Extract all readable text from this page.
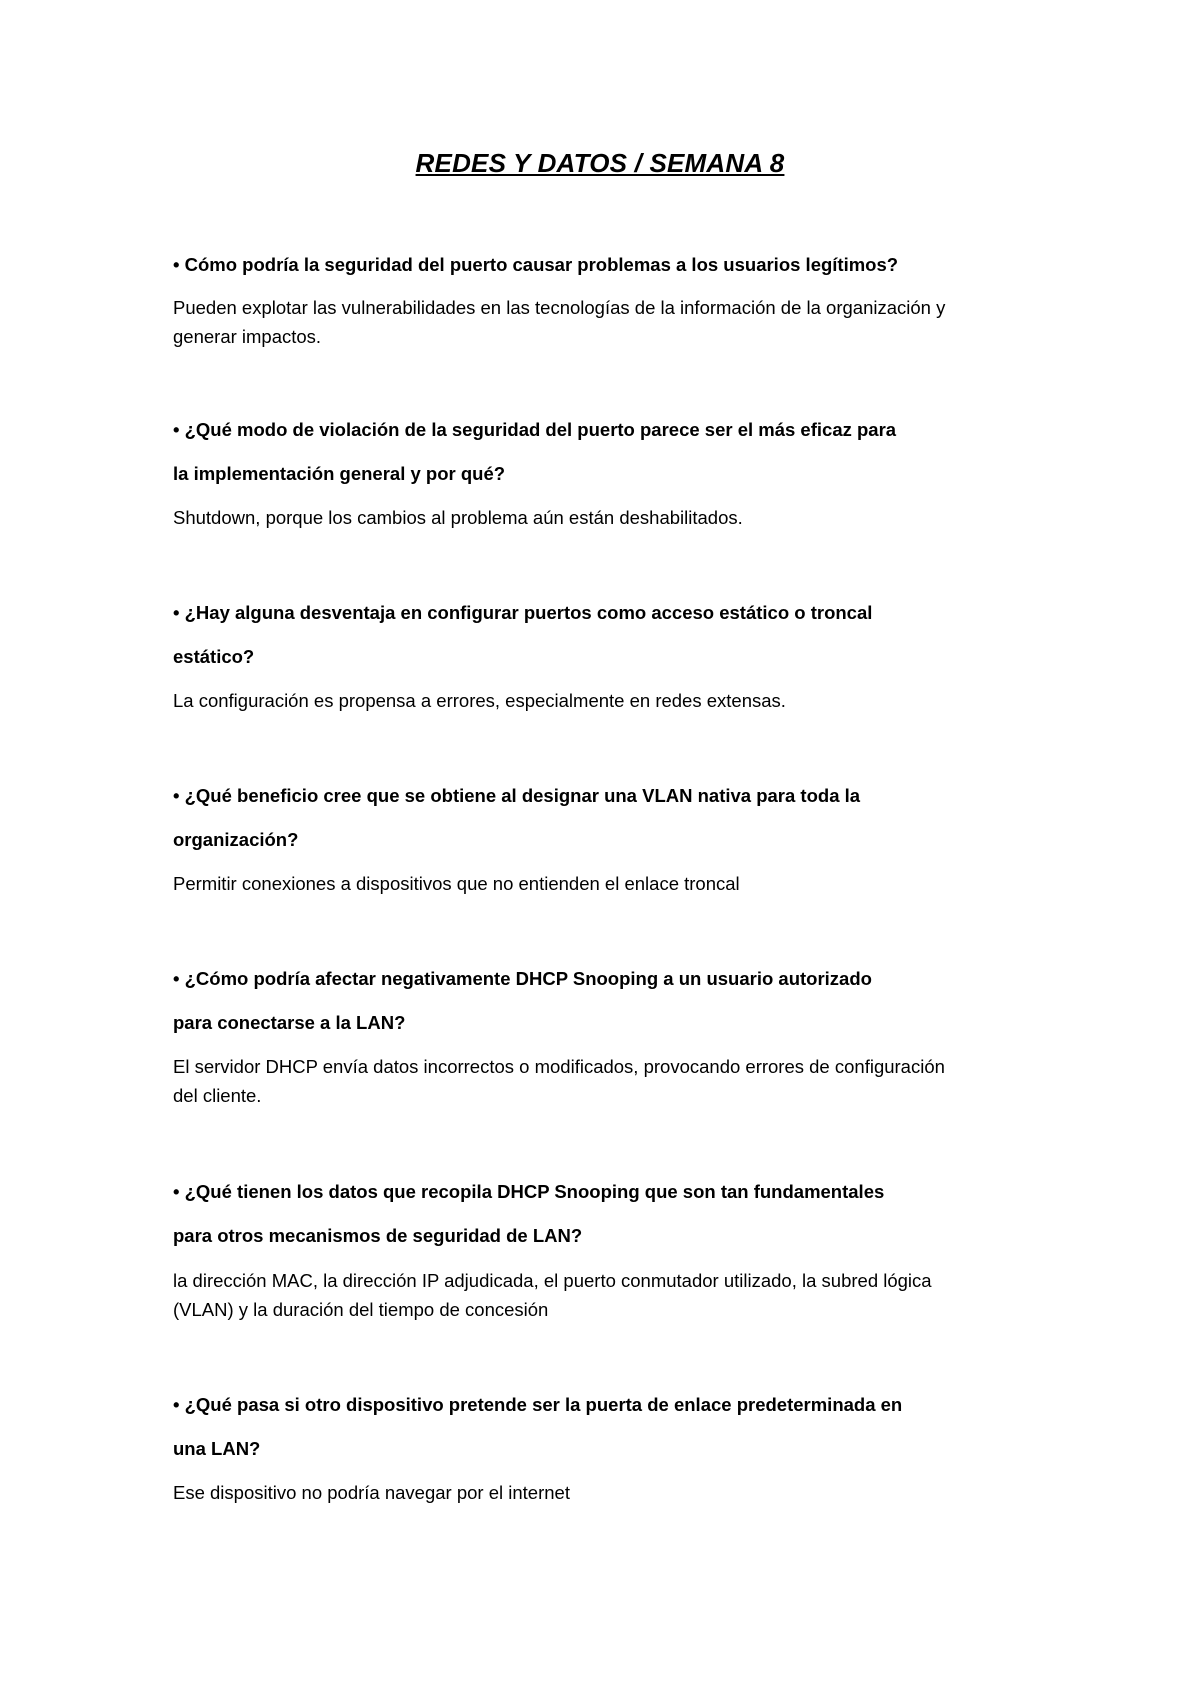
REDES Y DATOS / SEMANA 8
• Cómo podría la seguridad del puerto causar problemas a los usuarios legítimos?
Pueden explotar las vulnerabilidades en las tecnologías de la información de la organización y
generar impactos.
• ¿Qué modo de violación de la seguridad del puerto parece ser el más eficaz para
la implementación general y por qué?
Shutdown, porque los cambios al problema aún están deshabilitados.
• ¿Hay alguna desventaja en configurar puertos como acceso estático o troncal
estático?
La configuración es propensa a errores, especialmente en redes extensas.
• ¿Qué beneficio cree que se obtiene al designar una VLAN nativa para toda la
organización?
Permitir conexiones a dispositivos que no entienden el enlace troncal
• ¿Cómo podría afectar negativamente DHCP Snooping a un usuario autorizado
para conectarse a la LAN?
El servidor DHCP envía datos incorrectos o modificados, provocando errores de configuración
del cliente.
• ¿Qué tienen los datos que recopila DHCP Snooping que son tan fundamentales
para otros mecanismos de seguridad de LAN?
la dirección MAC, la dirección IP adjudicada, el puerto conmutador utilizado, la subred lógica
(VLAN) y la duración del tiempo de concesión
• ¿Qué pasa si otro dispositivo pretende ser la puerta de enlace predeterminada en
una LAN?
Ese dispositivo no podría navegar por el internet
